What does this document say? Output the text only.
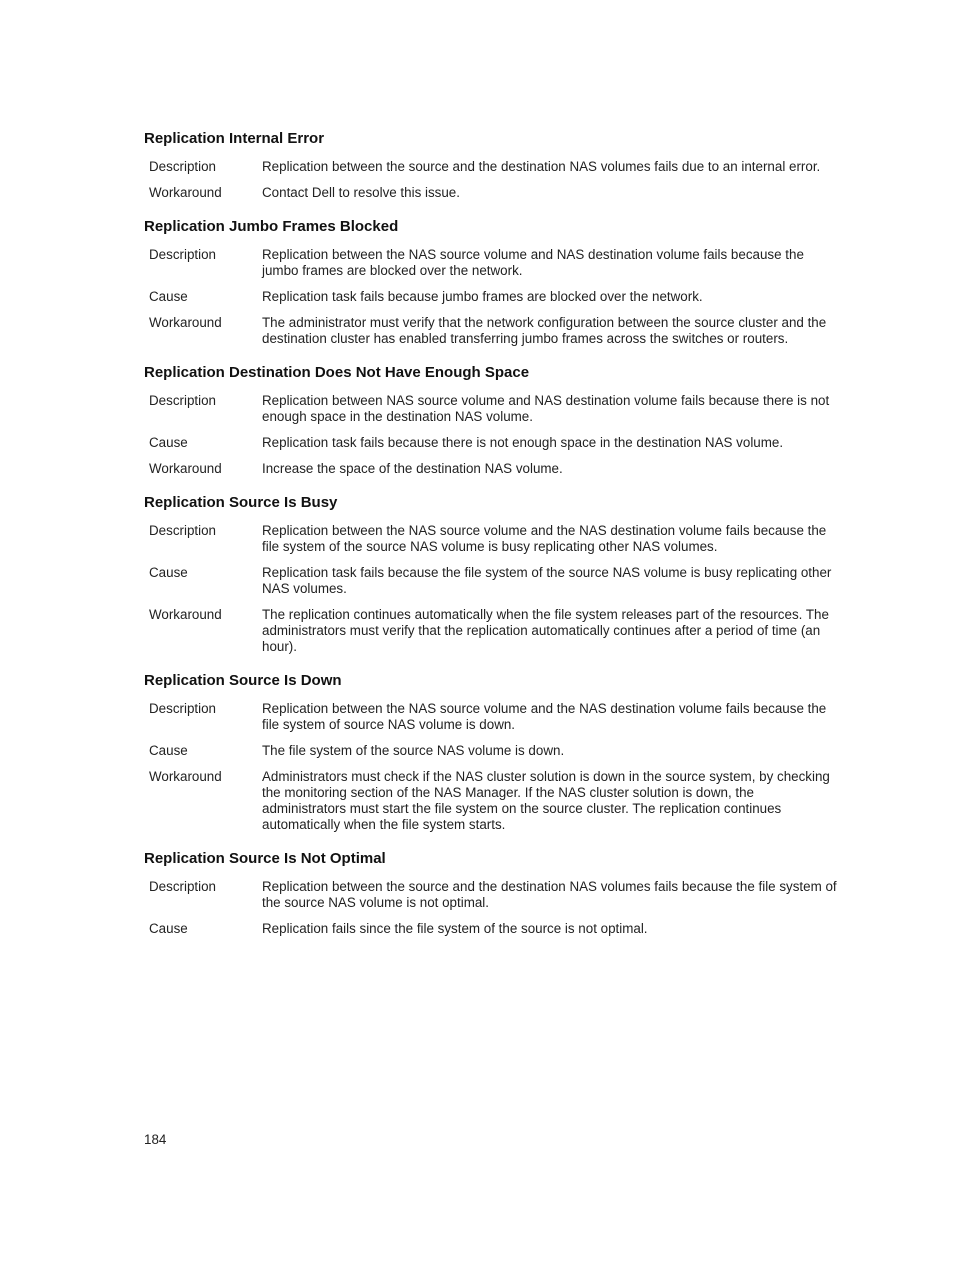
Replication Internal Error
Description	Replication between the source and the destination NAS volumes fails due to an internal error.
Workaround	Contact Dell to resolve this issue.
Replication Jumbo Frames Blocked
Description	Replication between the NAS source volume and NAS destination volume fails because the jumbo frames are blocked over the network.
Cause	Replication task fails because jumbo frames are blocked over the network.
Workaround	The administrator must verify that the network configuration between the source cluster and the destination cluster has enabled transferring jumbo frames across the switches or routers.
Replication Destination Does Not Have Enough Space
Description	Replication between NAS source volume and NAS destination volume fails because there is not enough space in the destination NAS volume.
Cause	Replication task fails because there is not enough space in the destination NAS volume.
Workaround	Increase the space of the destination NAS volume.
Replication Source Is Busy
Description	Replication between the NAS source volume and the NAS destination volume fails because the file system of the source NAS volume is busy replicating other NAS volumes.
Cause	Replication task fails because the file system of the source NAS volume is busy replicating other NAS volumes.
Workaround	The replication continues automatically when the file system releases part of the resources. The administrators must verify that the replication automatically continues after a period of time (an hour).
Replication Source Is Down
Description	Replication between the NAS source volume and the NAS destination volume fails because the file system of source NAS volume is down.
Cause	The file system of the source NAS volume is down.
Workaround	Administrators must check if the NAS cluster solution is down in the source system, by checking the monitoring section of the NAS Manager. If the NAS cluster solution is down, the administrators must start the file system on the source cluster. The replication continues automatically when the file system starts.
Replication Source Is Not Optimal
Description	Replication between the source and the destination NAS volumes fails because the file system of the source NAS volume is not optimal.
Cause	Replication fails since the file system of the source is not optimal.
184
